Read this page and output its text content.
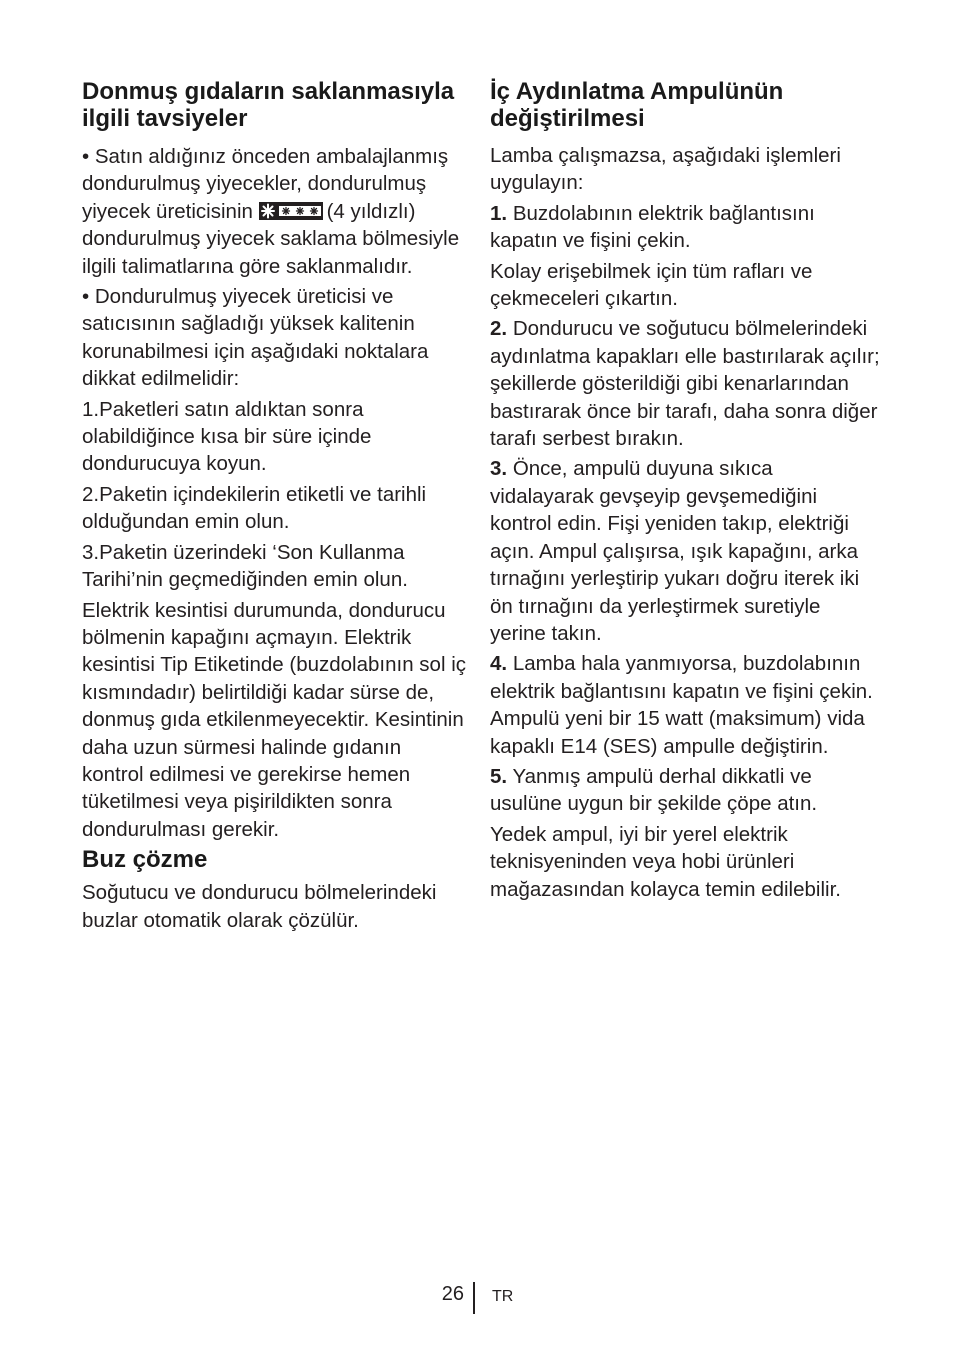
Donmuş gıdaların saklanmasıyla ilgili tavsiyeler

• Satın aldığınız önceden ambalajlanmış dondurulmuş yiyecekler, dondurulmuş yiyecek üreticisinin	(4 yıldızlı) dondurulmuş yiyecek saklama bölmesiyle ilgili talimatlarına göre saklanmalıdır.

• Dondurulmuş yiyecek üreticisi ve satıcısının sağladığı yüksek kalitenin korunabilmesi için aşağıdaki noktalara dikkat edilmelidir:

1.Paketleri satın aldıktan sonra olabildiğince kısa bir süre içinde dondurucuya koyun.

2.Paketin içindekilerin etiketli ve tarihli olduğundan emin olun.

3.Paketin üzerindeki ‘Son Kullanma Tarihi’nin geçmediğinden emin olun.

Elektrik kesintisi durumunda, dondurucu bölmenin kapağını açmayın. Elektrik kesintisi Tip Etiketinde (buzdolabının sol iç kısmındadır) belirtildiği kadar sürse de, donmuş gıda etkilenmeyecektir. Kesintinin daha uzun sürmesi halinde gıdanın kontrol edilmesi ve gerekirse hemen tüketilmesi veya pişirildikten sonra dondurulması gerekir.

Buz çözme

Soğutucu ve dondurucu bölmelerindeki buzlar otomatik olarak çözülür.

İç Aydınlatma Ampulünün değiştirilmesi

Lamba çalışmazsa, aşağıdaki işlemleri uygulayın:

1. Buzdolabının elektrik bağlantısını kapatın ve fişini çekin.

Kolay erişebilmek için tüm rafları ve çekmeceleri çıkartın.

2. Dondurucu ve soğutucu bölmelerindeki aydınlatma kapakları elle bastırılarak açılır; şekillerde gösterildiği gibi kenarlarından bastırarak önce bir tarafı, daha sonra diğer tarafı serbest bırakın.

3. Önce, ampulü duyuna sıkıca vidalayarak gevşeyip gevşemediğini kontrol edin. Fişi yeniden takıp, elektriği açın. Ampul çalışırsa, ışık kapağını, arka tırnağını yerleştirip yukarı doğru iterek iki ön tırnağını da yerleştirmek suretiyle yerine takın.

4. Lamba hala yanmıyorsa, buzdolabının elektrik bağlantısını kapatın ve fişini çekin. Ampulü yeni bir 15 watt (maksimum) vida kapaklı E14 (SES) ampulle değiştirin.

5. Yanmış ampulü derhal dikkatli ve usulüne uygun bir şekilde çöpe atın.

Yedek ampul, iyi bir yerel elektrik teknisyeninden veya hobi ürünleri mağazasından kolayca temin edilebilir.

26 TR
